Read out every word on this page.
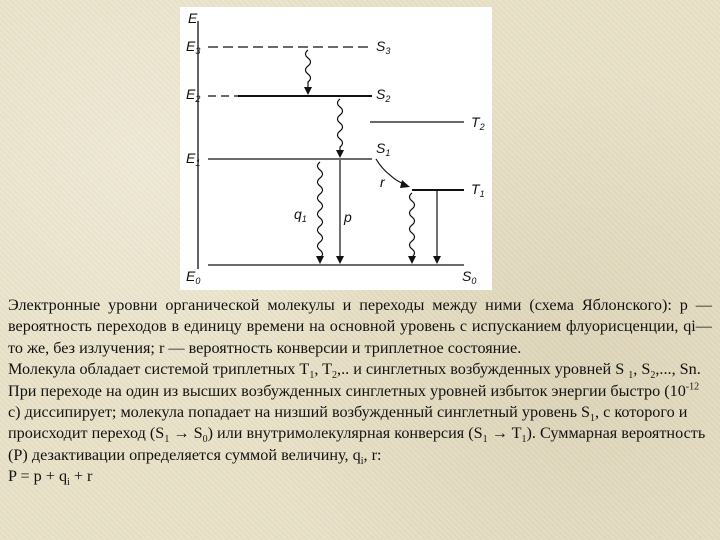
E
$E_3$
$E_2$
$E_1$
$E_0$
$S_3$
$S_2$
$T_2$
$S_1$
$T_1$
$S_0$
$q_1$	p
r

Электронные уровни органической молекулы и переходы между ними (схема Яблонского): p — вероятность переходов в единицу времени на основной уровень с испусканием флуорисценции, qi—то же, без излучения; r — вероятность конверсии и триплетное состояние.

Молекула обладает системой триплетных $T_1$, $T_2$,.. и синглетных возбужденных уровней S $_1$, $S_2$,..., Sn. При переходе на один из высших возбужденных синглетных уровней избыток энергии быстро ($10^{-12}$ с) диссипирует; молекула попадает на низший возбужденный синглетный уровень $S_1$, с которого и происходит переход $(S_1 \to S_0)$ или внутримолекулярная конверсия $(S_1 \to T_1)$. Суммарная вероятность (P) дезактивации определяется суммой величину, $q_i$, r:

$P = p + q_i + r$
